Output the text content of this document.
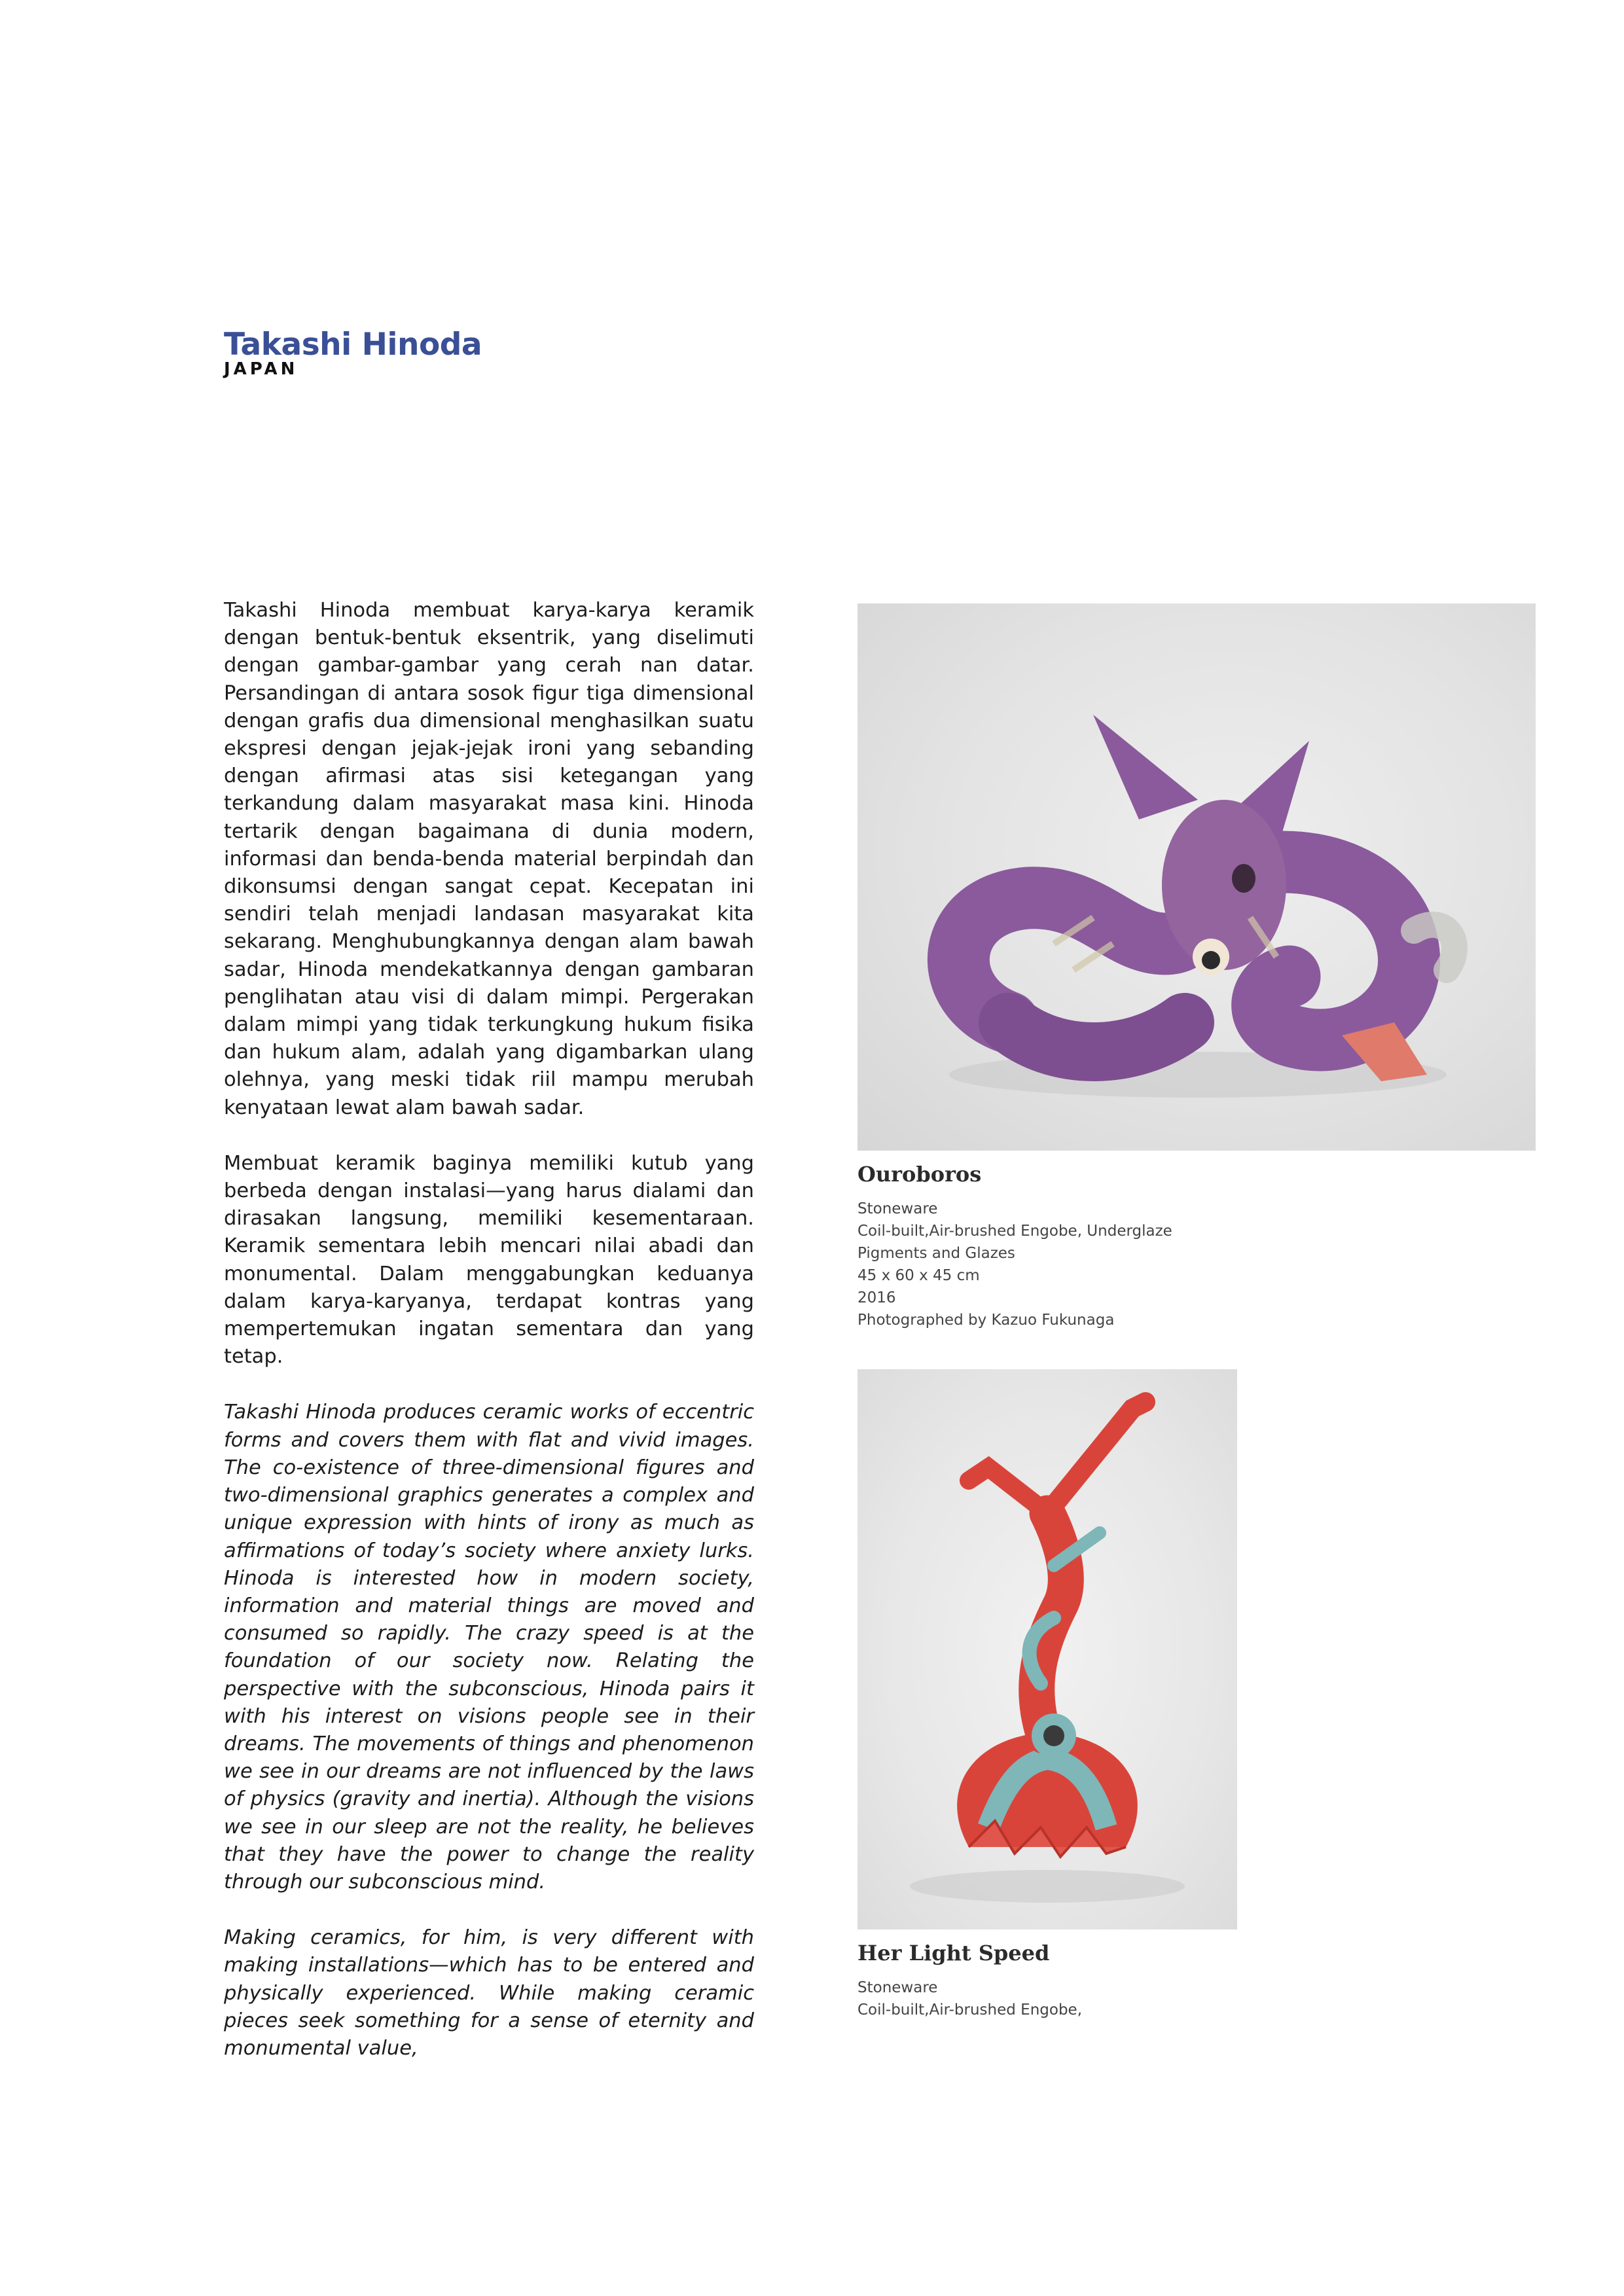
Takashi Hinoda
JAPAN

Takashi Hinoda membuat karya-karya keramik dengan bentuk-bentuk eksentrik, yang diselimuti dengan gambar-gambar yang cerah nan datar. Persandingan di antara sosok figur tiga dimensional dengan grafis dua dimensional menghasilkan suatu ekspresi dengan jejak-jejak ironi yang sebanding dengan afirmasi atas sisi ketegangan yang terkandung dalam masyarakat masa kini. Hinoda tertarik dengan bagaimana di dunia modern, informasi dan benda-benda material berpindah dan dikonsumsi dengan sangat cepat. Kecepatan ini sendiri telah menjadi landasan masyarakat kita sekarang. Menghubungkannya dengan alam bawah sadar, Hinoda mendekatkannya dengan gambaran penglihatan atau visi di dalam mimpi. Pergerakan dalam mimpi yang tidak terkungkung hukum fisika dan hukum alam, adalah yang digambarkan ulang olehnya, yang meski tidak riil mampu merubah kenyataan lewat alam bawah sadar.

Membuat keramik baginya memiliki kutub yang berbeda dengan instalasi—yang harus dialami dan dirasakan langsung, memiliki kesementaraan. Keramik sementara lebih mencari nilai abadi dan monumental. Dalam menggabungkan keduanya dalam karya-karyanya, terdapat kontras yang mempertemukan ingatan sementara dan yang tetap.

Takashi Hinoda produces ceramic works of eccentric forms and covers them with flat and vivid images. The co-existence of three-dimensional figures and two-dimensional graphics generates a complex and unique expression with hints of irony as much as affirmations of today’s society where anxiety lurks. Hinoda is interested how in modern society, information and material things are moved and consumed so rapidly. The crazy speed is at the foundation of our society now. Relating the perspective with the subconscious, Hinoda pairs it with his interest on visions people see in their dreams. The movements of things and phenomenon we see in our dreams are not influenced by the laws of physics (gravity and inertia). Although the visions we see in our sleep are not the reality, he believes that they have the power to change the reality through our subconscious mind.

Making ceramics, for him, is very different with making installations—which has to be entered and physically experienced. While making ceramic pieces seek something for a sense of eternity and monumental value,

Ouroboros
Stoneware
Coil-built,Air-brushed Engobe, Underglaze
Pigments and Glazes
45 x 60 x 45 cm
2016
Photographed by Kazuo Fukunaga
Her Light Speed
Stoneware
Coil-built,Air-brushed Engobe,
